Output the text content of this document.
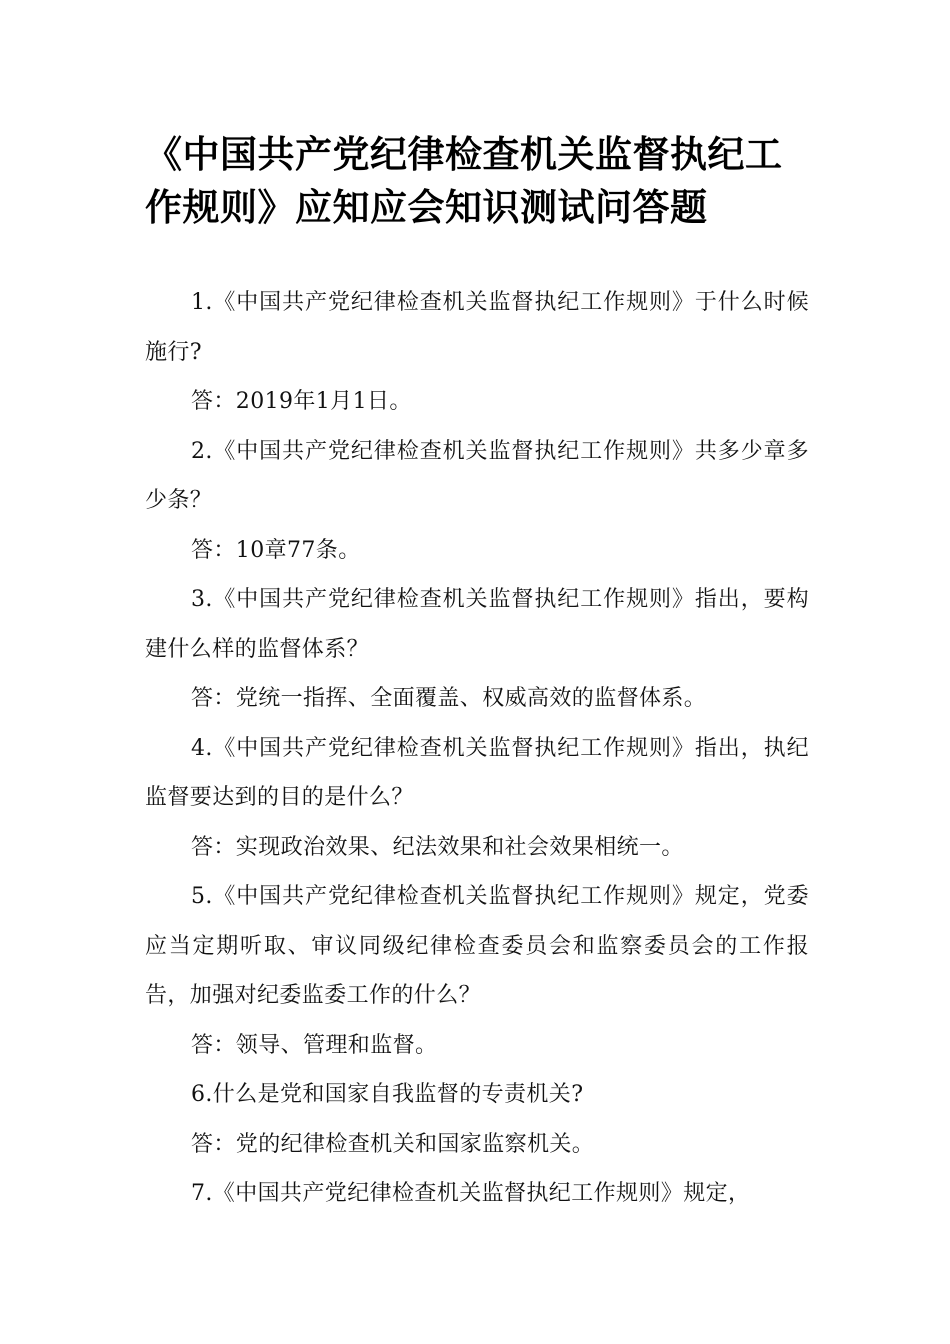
《中国共产党纪律检查机关监督执纪工作规则》应知应会知识测试问答题

1.《中国共产党纪律检查机关监督执纪工作规则》于什么时候施行?

答：2019年1月1日。

2.《中国共产党纪律检查机关监督执纪工作规则》共多少章多少条？

答：10章77条。

3.《中国共产党纪律检查机关监督执纪工作规则》指出，要构建什么样的监督体系？

答：党统一指挥、全面覆盖、权威高效的监督体系。

4.《中国共产党纪律检查机关监督执纪工作规则》指出，执纪监督要达到的目的是什么？

答：实现政治效果、纪法效果和社会效果相统一。

5.《中国共产党纪律检查机关监督执纪工作规则》规定，党委应当定期听取、审议同级纪律检查委员会和监察委员会的工作报告，加强对纪委监委工作的什么？

答：领导、管理和监督。

6.什么是党和国家自我监督的专责机关?

答：党的纪律检查机关和国家监察机关。

7.《中国共产党纪律检查机关监督执纪工作规则》规定，
